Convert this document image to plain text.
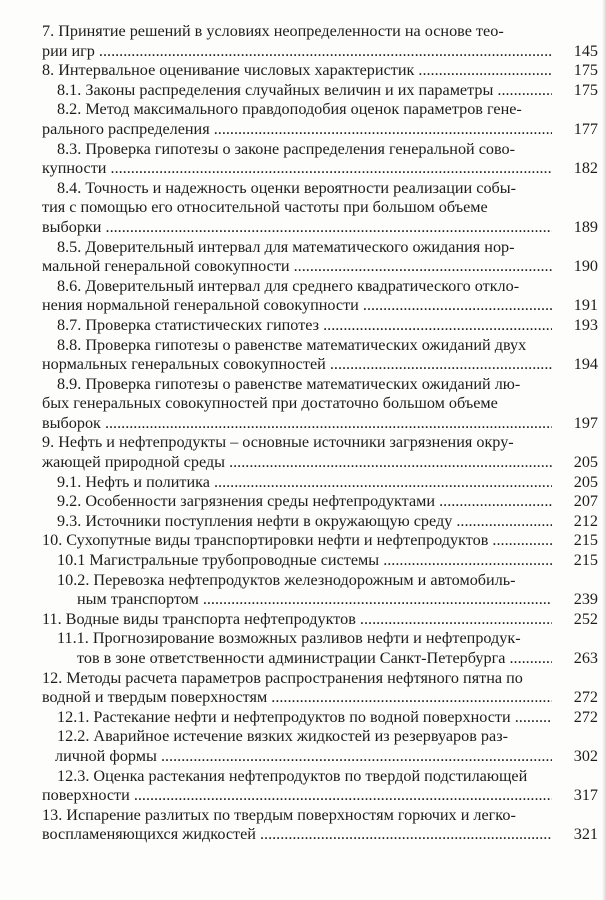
7. Принятие решений в условиях неопределенности на основе тео-
рии игр .....	145
8. Интервальное оценивание числовых характеристик .....	175
8.1. Законы распределения случайных величин и их параметры .....	175
8.2. Метод максимального правдоподобия оценок параметров гене-
рального распределения .....	177
8.3. Проверка гипотезы о законе распределения генеральной сово-
купности .....	182
8.4. Точность и надежность оценки вероятности реализации собы-
тия с помощью его относительной частоты при большом объеме
выборки .....	189
8.5. Доверительный интервал для математического ожидания нор-
мальной генеральной совокупности .....	190
8.6. Доверительный интервал для среднего квадратического откло-
нения нормальной генеральной совокупности .....	191
8.7. Проверка статистических гипотез .....	193
8.8. Проверка гипотезы о равенстве математических ожиданий двух
нормальных генеральных совокупностей .....	194
8.9. Проверка гипотезы о равенстве математических ожиданий лю-
бых генеральных совокупностей при достаточно большом объеме
выборок .....	197
9. Нефть и нефтепродукты – основные источники загрязнения окру-
жающей природной среды .....	205
9.1. Нефть и политика .....	205
9.2. Особенности загрязнения среды нефтепродуктами .....	207
9.3. Источники поступления нефти в окружающую среду .....	212
10. Сухопутные виды транспортировки нефти и нефтепродуктов .....	215
10.1 Магистральные трубопроводные системы .....	215
10.2. Перевозка нефтепродуктов железнодорожным и автомобиль-
ным транспортом .....	239
11. Водные виды транспорта нефтепродуктов .....	252
11.1. Прогнозирование возможных разливов нефти и нефтепродук-
тов в зоне ответственности администрации Санкт-Петербурга .....	263
12. Методы расчета параметров распространения нефтяного пятна по
водной и твердым поверхностям .....	272
12.1. Растекание нефти и нефтепродуктов по водной поверхности .....	272
12.2. Аварийное истечение вязких жидкостей из резервуаров раз-
личной формы .....	302
12.3. Оценка растекания нефтепродуктов по твердой подстилающей
поверхности .....	317
13. Испарение разлитых по твердым поверхностям горючих и легко-
воспламеняющихся жидкостей .....	321
